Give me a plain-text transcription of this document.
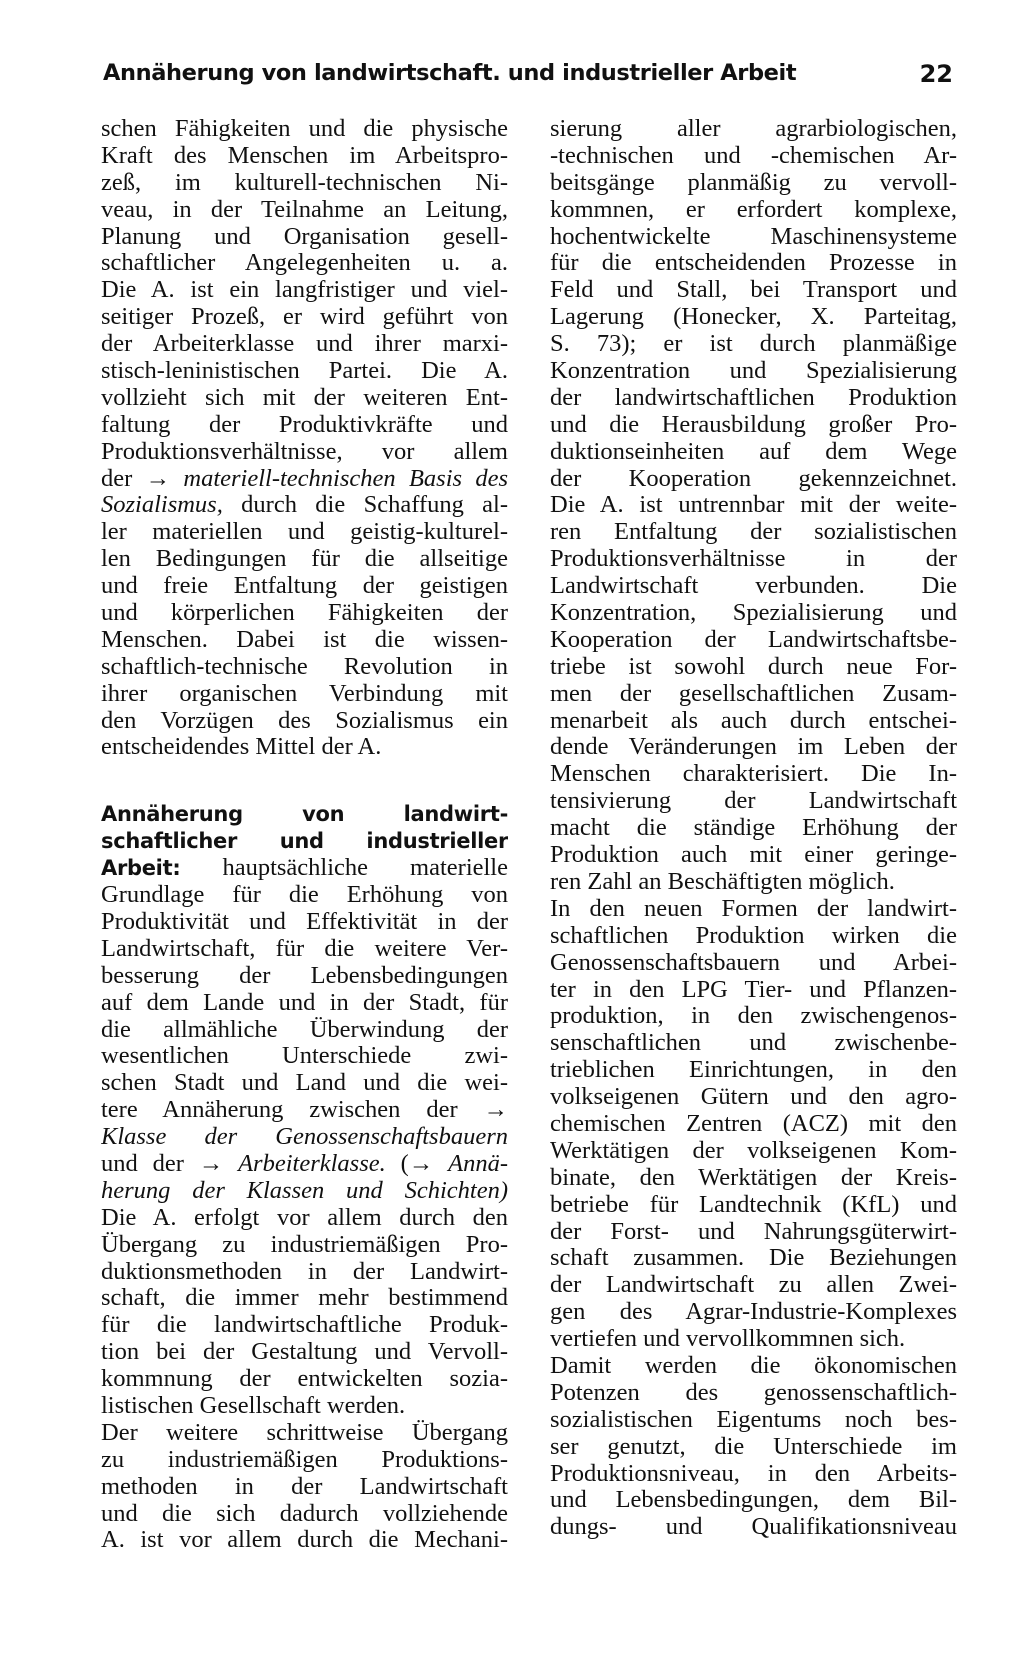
Annäherung von landwirtschaft. und industrieller Arbeit	22
schen Fähigkeiten und die physische
Kraft des Menschen im Arbeitspro-
zeß, im kulturell-technischen Ni-
veau, in der Teilnahme an Leitung,
Planung und Organisation gesell-
schaftlicher Angelegenheiten u. a.
Die A. ist ein langfristiger und viel-
seitiger Prozeß, er wird geführt von
der Arbeiterklasse und ihrer marxi-
stisch-leninistischen Partei. Die A.
vollzieht sich mit der weiteren Ent-
faltung der Produktivkräfte und
Produktionsverhältnisse, vor allem
der → materiell-technischen Basis des
Sozialismus, durch die Schaffung al-
ler materiellen und geistig-kulturel-
len Bedingungen für die allseitige
und freie Entfaltung der geistigen
und körperlichen Fähigkeiten der
Menschen. Dabei ist die wissen-
schaftlich-technische Revolution in
ihrer organischen Verbindung mit
den Vorzügen des Sozialismus ein
entscheidendes Mittel der A.
Annäherung von landwirt-
schaftlicher und industrieller
Arbeit: hauptsächliche materielle
Grundlage für die Erhöhung von
Produktivität und Effektivität in der
Landwirtschaft, für die weitere Ver-
besserung der Lebensbedingungen
auf dem Lande und in der Stadt, für
die allmähliche Überwindung der
wesentlichen Unterschiede zwi-
schen Stadt und Land und die wei-
tere Annäherung zwischen der →
Klasse der Genossenschaftsbauern
und der → Arbeiterklasse. (→ Annä-
herung der Klassen und Schichten)
Die A. erfolgt vor allem durch den
Übergang zu industriemäßigen Pro-
duktionsmethoden in der Landwirt-
schaft, die immer mehr bestimmend
für die landwirtschaftliche Produk-
tion bei der Gestaltung und Vervoll-
kommnung der entwickelten sozia-
listischen Gesellschaft werden.
Der weitere schrittweise Übergang
zu industriemäßigen Produktions-
methoden in der Landwirtschaft
und die sich dadurch vollziehende
A. ist vor allem durch die Mechani-
sierung aller agrarbiologischen,
-technischen und -chemischen Ar-
beitsgänge planmäßig zu vervoll-
kommnen, er erfordert komplexe,
hochentwickelte Maschinensysteme
für die entscheidenden Prozesse in
Feld und Stall, bei Transport und
Lagerung (Honecker, X. Parteitag,
S. 73); er ist durch planmäßige
Konzentration und Spezialisierung
der landwirtschaftlichen Produktion
und die Herausbildung großer Pro-
duktionseinheiten auf dem Wege
der Kooperation gekennzeichnet.
Die A. ist untrennbar mit der weite-
ren Entfaltung der sozialistischen
Produktionsverhältnisse in der
Landwirtschaft verbunden. Die
Konzentration, Spezialisierung und
Kooperation der Landwirtschaftsbe-
triebe ist sowohl durch neue For-
men der gesellschaftlichen Zusam-
menarbeit als auch durch entschei-
dende Veränderungen im Leben der
Menschen charakterisiert. Die In-
tensivierung der Landwirtschaft
macht die ständige Erhöhung der
Produktion auch mit einer geringe-
ren Zahl an Beschäftigten möglich.
In den neuen Formen der landwirt-
schaftlichen Produktion wirken die
Genossenschaftsbauern und Arbei-
ter in den LPG Tier- und Pflanzen-
produktion, in den zwischengenos-
senschaftlichen und zwischenbe-
trieblichen Einrichtungen, in den
volkseigenen Gütern und den agro-
chemischen Zentren (ACZ) mit den
Werktätigen der volkseigenen Kom-
binate, den Werktätigen der Kreis-
betriebe für Landtechnik (KfL) und
der Forst- und Nahrungsgüterwirt-
schaft zusammen. Die Beziehungen
der Landwirtschaft zu allen Zwei-
gen des Agrar-Industrie-Komplexes
vertiefen und vervollkommnen sich.
Damit werden die ökonomischen
Potenzen des genossenschaftlich-
sozialistischen Eigentums noch bes-
ser genutzt, die Unterschiede im
Produktionsniveau, in den Arbeits-
und Lebensbedingungen, dem Bil-
dungs- und Qualifikationsniveau
